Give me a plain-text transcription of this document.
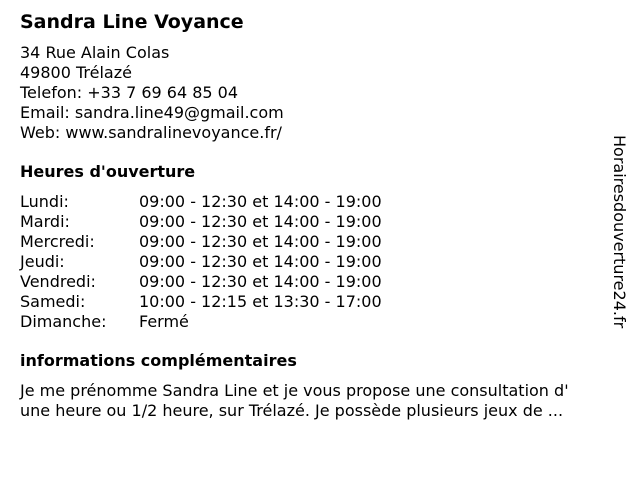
Sandra Line Voyance
34 Rue Alain Colas
49800 Trélazé
Telefon: +33 7 69 64 85 04
Email: sandra.line49@gmail.com
Web: www.sandralinevoyance.fr/
Heures d'ouverture
Lundi:	09:00 - 12:30 et 14:00 - 19:00
Mardi:	09:00 - 12:30 et 14:00 - 19:00
Mercredi:	09:00 - 12:30 et 14:00 - 19:00
Jeudi:	09:00 - 12:30 et 14:00 - 19:00
Vendredi:	09:00 - 12:30 et 14:00 - 19:00
Samedi:	10:00 - 12:15 et 13:30 - 17:00
Dimanche:	Fermé
informations complémentaires
Je me prénomme Sandra Line et je vous propose une consultation d'
une heure ou 1/2 heure, sur Trélazé. Je possède plusieurs jeux de ...
Horairesdouverture24.fr
